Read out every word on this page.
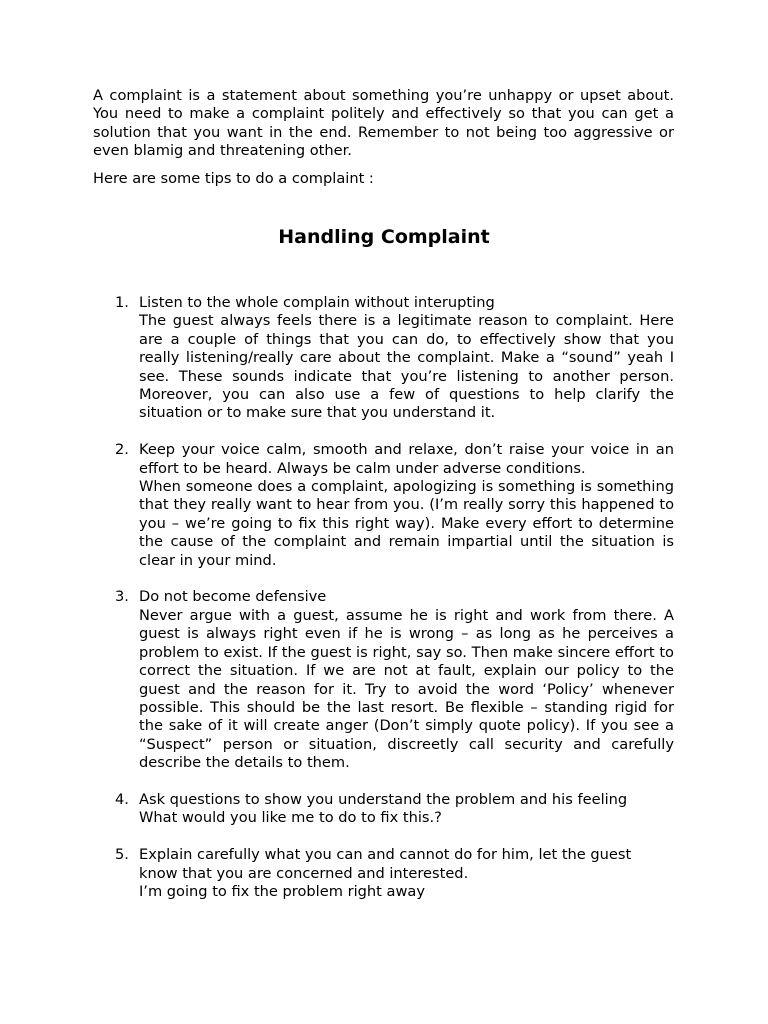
A complaint is a statement about something you’re unhappy or upset about. You need to make a complaint politely and effectively so that you can get a solution that you want in the end. Remember to not being too aggressive or even blamig and threatening other.

Here are some tips to do a complaint :

Handling Complaint
1. Listen to the whole complain without interupting
The guest always feels there is a legitimate reason to complaint. Here are a couple of things that you can do, to effectively show that you really listening/really care about the complaint. Make a “sound” yeah I see. These sounds indicate that you’re listening to another person. Moreover, you can also use a few of questions to help clarify the situation or to make sure that you understand it.
2. Keep your voice calm, smooth and relaxe, don’t raise your voice in an effort to be heard. Always be calm under adverse conditions.
When someone does a complaint, apologizing is something is something that they really want to hear from you. (I’m really sorry this happened to you – we’re going to fix this right way). Make every effort to determine the cause of the complaint and remain impartial until the situation is clear in your mind.
3. Do not become defensive
Never argue with a guest, assume he is right and work from there. A guest is always right even if he is wrong – as long as he perceives a problem to exist. If the guest is right, say so. Then make sincere effort to correct the situation. If we are not at fault, explain our policy to the guest and the reason for it. Try to avoid the word ‘Policy’ whenever possible. This should be the last resort. Be flexible – standing rigid for the sake of it will create anger (Don’t simply quote policy). If you see a “Suspect” person or situation, discreetly call security and carefully describe the details to them.
4. Ask questions to show you understand the problem and his feeling
What would you like me to do to fix this.?
5. Explain carefully what you can and cannot do for him, let the guest know that you are concerned and interested.
I’m going to fix the problem right away
